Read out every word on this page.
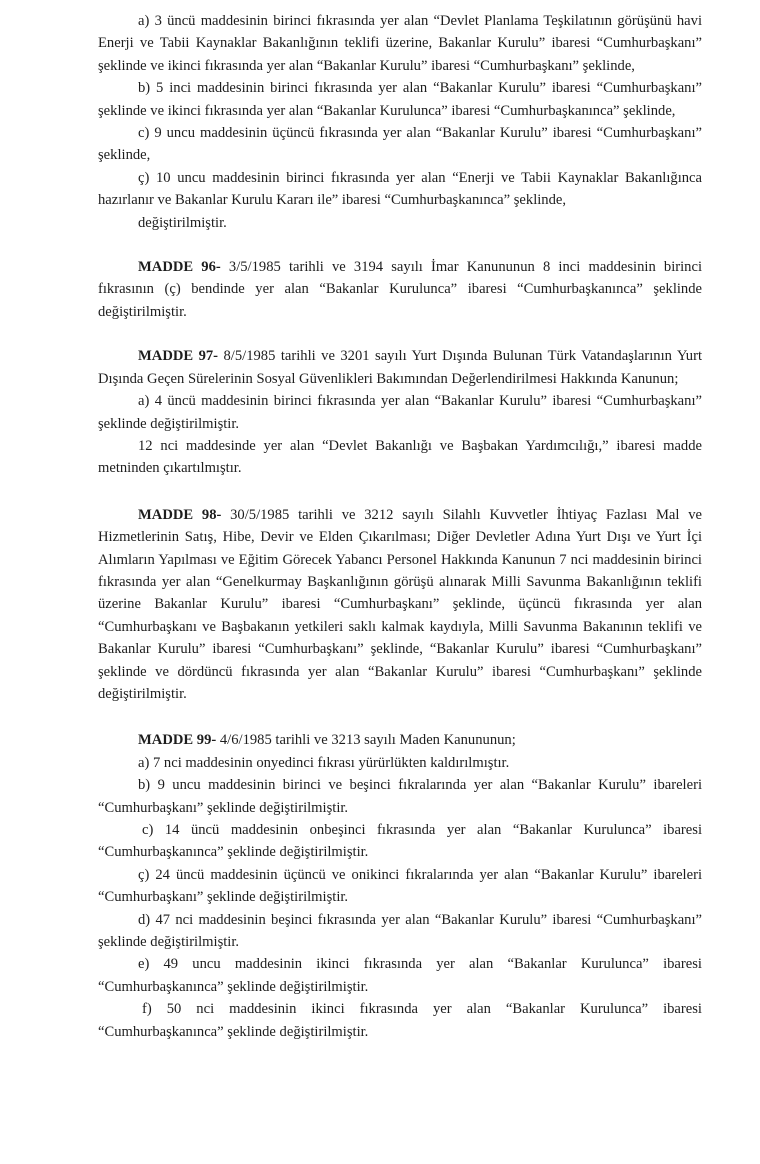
a) 3 üncü maddesinin birinci fıkrasında yer alan “Devlet Planlama Teşkilatının görüşünü havi Enerji ve Tabii Kaynaklar Bakanlığının teklifi üzerine, Bakanlar Kurulu” ibaresi “Cumhurbaşkanı” şeklinde ve ikinci fıkrasında yer alan “Bakanlar Kurulu” ibaresi “Cumhurbaşkanı” şeklinde,

b) 5 inci maddesinin birinci fıkrasında yer alan “Bakanlar Kurulu” ibaresi “Cumhurbaşkanı” şeklinde ve ikinci fıkrasında yer alan “Bakanlar Kurulunca” ibaresi “Cumhurbaşkanınca” şeklinde,

c) 9 uncu maddesinin üçüncü fıkrasında yer alan “Bakanlar Kurulu” ibaresi “Cumhurbaşkanı” şeklinde,

ç) 10 uncu maddesinin birinci fıkrasında yer alan “Enerji ve Tabii Kaynaklar Bakanlığınca hazırlanır ve Bakanlar Kurulu Kararı ile” ibaresi “Cumhurbaşkanınca” şeklinde,

değiştirilmiştir.

MADDE 96- 3/5/1985 tarihli ve 3194 sayılı İmar Kanununun 8 inci maddesinin birinci fıkrasının (ç) bendinde yer alan “Bakanlar Kurulunca” ibaresi “Cumhurbaşkanınca” şeklinde değiştirilmiştir.

MADDE 97- 8/5/1985 tarihli ve 3201 sayılı Yurt Dışında Bulunan Türk Vatandaşlarının Yurt Dışında Geçen Sürelerinin Sosyal Güvenlikleri Bakımından Değerlendirilmesi Hakkında Kanunun;

a) 4 üncü maddesinin birinci fıkrasında yer alan “Bakanlar Kurulu” ibaresi “Cumhurbaşkanı” şeklinde değiştirilmiştir.

12 nci maddesinde yer alan “Devlet Bakanlığı ve Başbakan Yardımcılığı,” ibaresi madde metninden çıkartılmıştır.

MADDE 98- 30/5/1985 tarihli ve 3212 sayılı Silahlı Kuvvetler İhtiyaç Fazlası Mal ve Hizmetlerinin Satış, Hibe, Devir ve Elden Çıkarılması; Diğer Devletler Adına Yurt Dışı ve Yurt İçi Alımların Yapılması ve Eğitim Görecek Yabancı Personel Hakkında Kanunun 7 nci maddesinin birinci fıkrasında yer alan “Genelkurmay Başkanlığının görüşü alınarak Milli Savunma Bakanlığının teklifi üzerine Bakanlar Kurulu” ibaresi “Cumhurbaşkanı” şeklinde, üçüncü fıkrasında yer alan “Cumhurbaşkanı ve Başbakanın yetkileri saklı kalmak kaydıyla, Milli Savunma Bakanının teklifi ve Bakanlar Kurulu” ibaresi “Cumhurbaşkanı” şeklinde, “Bakanlar Kurulu” ibaresi “Cumhurbaşkanı” şeklinde ve dördüncü fıkrasında yer alan “Bakanlar Kurulu” ibaresi “Cumhurbaşkanı” şeklinde değiştirilmiştir.

MADDE 99- 4/6/1985 tarihli ve 3213 sayılı Maden Kanununun;

a) 7 nci maddesinin onyedinci fıkrası yürürlükten kaldırılmıştır.

b) 9 uncu maddesinin birinci ve beşinci fıkralarında yer alan “Bakanlar Kurulu” ibareleri “Cumhurbaşkanı” şeklinde değiştirilmiştir.

c) 14 üncü maddesinin onbeşinci fıkrasında yer alan “Bakanlar Kurulunca” ibaresi “Cumhurbaşkanınca” şeklinde değiştirilmiştir.

ç) 24 üncü maddesinin üçüncü ve onikinci fıkralarında yer alan “Bakanlar Kurulu” ibareleri “Cumhurbaşkanı” şeklinde değiştirilmiştir.

d) 47 nci maddesinin beşinci fıkrasında yer alan “Bakanlar Kurulu” ibaresi “Cumhurbaşkanı” şeklinde değiştirilmiştir.

e) 49 uncu maddesinin ikinci fıkrasında yer alan “Bakanlar Kurulunca” ibaresi “Cumhurbaşkanınca” şeklinde değiştirilmiştir.

f) 50 nci maddesinin ikinci fıkrasında yer alan “Bakanlar Kurulunca” ibaresi “Cumhurbaşkanınca” şeklinde değiştirilmiştir.
